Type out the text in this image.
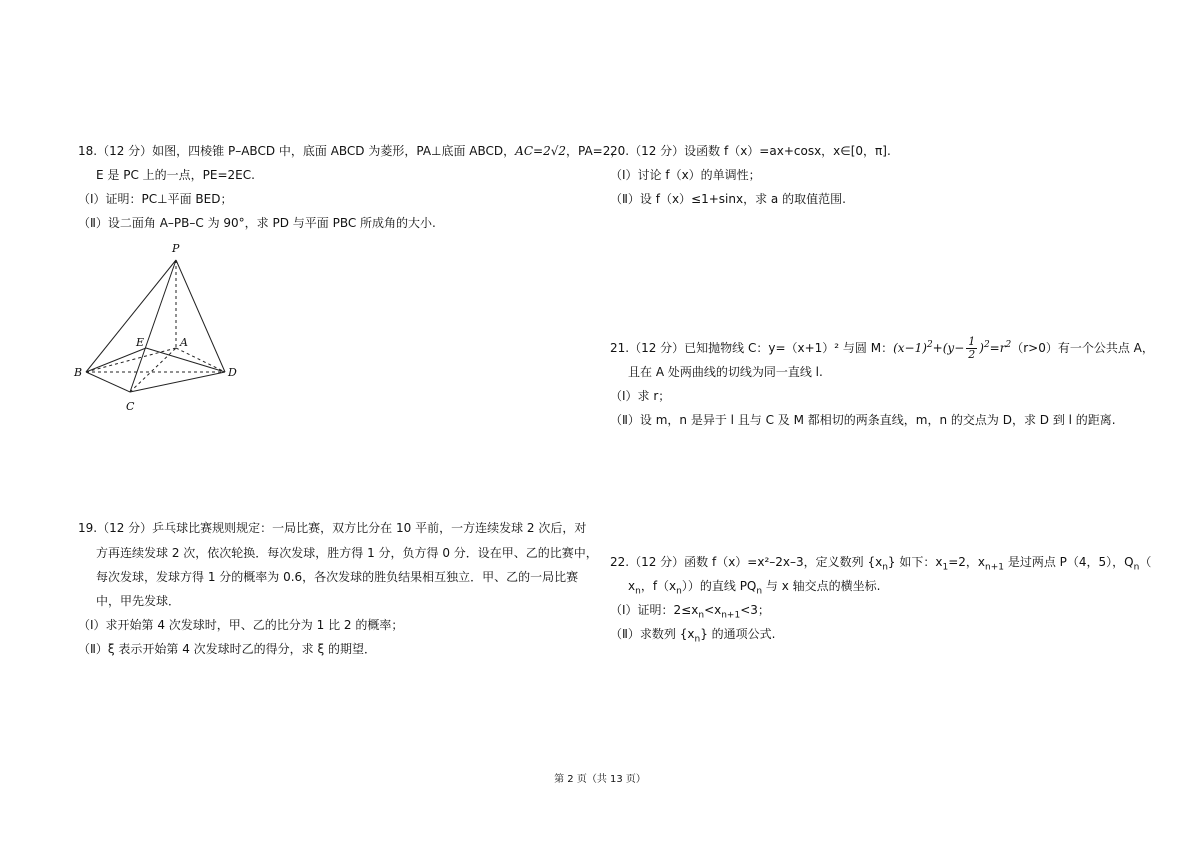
18.（12 分）如图，四棱锥 P–ABCD 中，底面 ABCD 为菱形，PA⊥底面 ABCD，AC=2√2，PA=2，
E 是 PC 上的一点，PE=2EC.
（Ⅰ）证明：PC⊥平面 BED；
（Ⅱ）设二面角 A–PB–C 为 90°，求 PD 与平面 PBC 所成角的大小.
P
E	A
B
C
D
19.（12 分）乒乓球比赛规则规定：一局比赛，双方比分在 10 平前，一方连续发球 2 次后，对
方再连续发球 2 次，依次轮换．每次发球，胜方得 1 分，负方得 0 分．设在甲、乙的比赛中，
每次发球，发球方得 1 分的概率为 0.6，各次发球的胜负结果相互独立．甲、乙的一局比赛
中，甲先发球．
（Ⅰ）求开始第 4 次发球时，甲、乙的比分为 1 比 2 的概率；
（Ⅱ）ξ 表示开始第 4 次发球时乙的得分，求 ξ 的期望．
20.（12 分）设函数 f（x）=ax+cosx，x∈[0，π].
（Ⅰ）讨论 f（x）的单调性；
（Ⅱ）设 f（x）≤1+sinx，求 a 的取值范围.
21.（12 分）已知抛物线 C：y=（x+1）² 与圆 M：$(x-1)^2+(y- \frac{1}{2} )^2=r^2(r>0)$有一个公共点 A，
且在 A 处两曲线的切线为同一直线 l.
（Ⅰ）求 r；
（Ⅱ）设 m，n 是异于 l 且与 C 及 M 都相切的两条直线，m，n 的交点为 D，求 D 到 l 的距离.
22.（12 分）函数 f（x）=x²–2x–3，定义数列 $\{x_n\}$ 如下：$x_1=2$，$x_{n+1}$ 是过两点 P（4，5），$Q_n$（
$x_n$，$f(x_n)$）的直线 $PQ_n$ 与 x 轴交点的横坐标.
（Ⅰ）证明：$2\le x_n<x_{n+1}<3$；
（Ⅱ）求数列 $\{x_n\}$ 的通项公式.
第 2 页（共 13 页）
